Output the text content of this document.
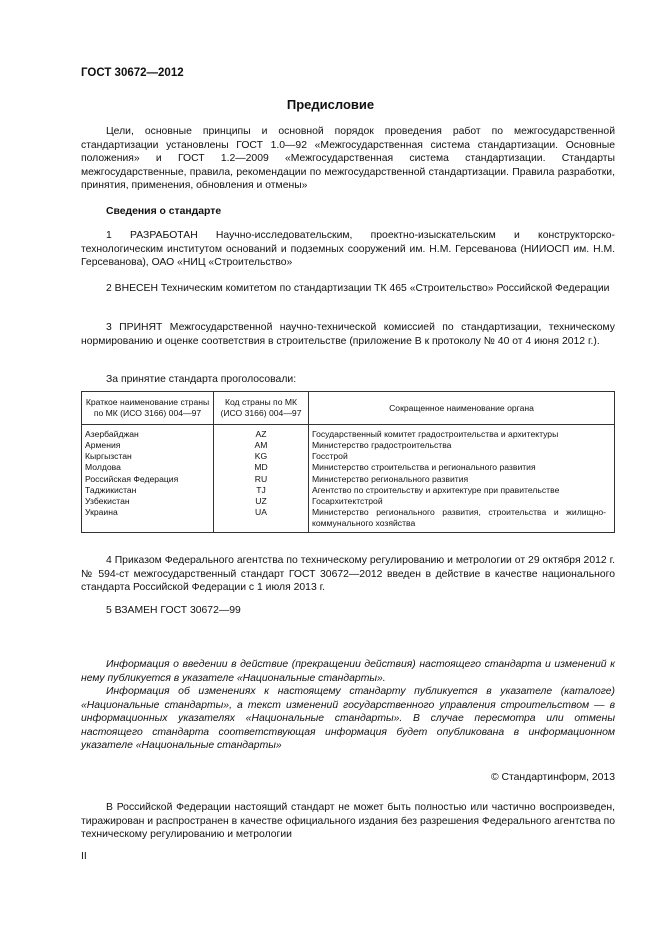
ГОСТ 30672—2012
Предисловие

Цели, основные принципы и основной порядок проведения работ по межгосударственной стандартизации установлены ГОСТ 1.0—92 «Межгосударственная система стандартизации. Основные положения» и ГОСТ 1.2—2009 «Межгосударственная система стандартизации. Стандарты межгосударственные, правила, рекомендации по межгосударственной стандартизации. Правила разработки, принятия, применения, обновления и отмены»

Сведения о стандарте

1 РАЗРАБОТАН Научно-исследовательским, проектно-изыскательским и конструкторско-технологическим институтом оснований и подземных сооружений им. Н.М. Герсеванова (НИИОСП им. Н.М. Герсеванова), ОАО «НИЦ «Строительство»

2 ВНЕСЕН Техническим комитетом по стандартизации ТК 465 «Строительство» Российской Федерации

3 ПРИНЯТ Межгосударственной научно-технической комиссией по стандартизации, техническому нормированию и оценке соответствия в строительстве (приложение В к протоколу № 40 от 4 июня 2012 г.).

За принятие стандарта проголосовали:
Краткое наименование страны по МК (ИСО 3166) 004—97	Код страны по МК (ИСО 3166) 004—97	Сокращенное наименование органа
Азербайджан	AZ	Государственный комитет градостроительства и архитектуры
Армения	AM	Министерство градостроительства
Кыргызстан	KG	Госстрой
Молдова	MD	Министерство строительства и регионального развития
Российская Федерация	RU	Министерство регионального развития
Таджикистан	TJ	Агентство по строительству и архитектуре при правительстве
Узбекистан	UZ	Госархитектстрой
Украина	UA	Министерство регионального развития, строительства и жилищно-коммунального хозяйства

4 Приказом Федерального агентства по техническому регулированию и метрологии от 29 октября 2012 г. № 594-ст межгосударственный стандарт ГОСТ 30672—2012 введен в действие в качестве национального стандарта Российской Федерации с 1 июля 2013 г.

5 ВЗАМЕН ГОСТ 30672—99

Информация о введении в действие (прекращении действия) настоящего стандарта и изменений к нему публикуется в указателе «Национальные стандарты».

Информация об изменениях к настоящему стандарту публикуется в указателе (каталоге) «Национальные стандарты», а текст изменений государственного управления строительством — в информационных указателях «Национальные стандарты». В случае пересмотра или отмены настоящего стандарта соответствующая информация будет опубликована в информационном указателе «Национальные стандарты»

© Стандартинформ, 2013

В Российской Федерации настоящий стандарт не может быть полностью или частично воспроизведен, тиражирован и распространен в качестве официального издания без разрешения Федерального агентства по техническому регулированию и метрологии

II
